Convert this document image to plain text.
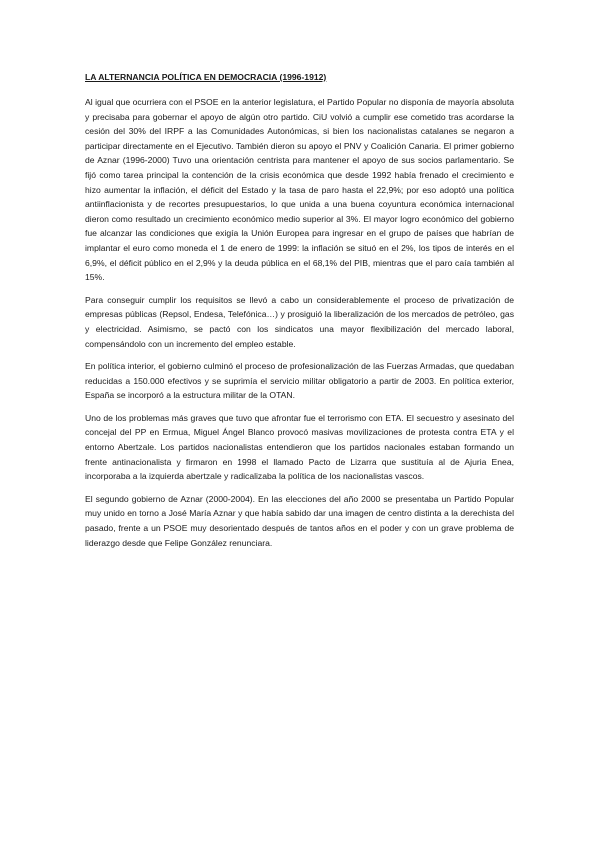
LA ALTERNANCIA POLÍTICA EN DEMOCRACIA (1996-1912)

Al igual que ocurriera con el PSOE en la anterior legislatura, el Partido Popular no disponía de mayoría absoluta y precisaba para gobernar el apoyo de algún otro partido. CiU volvió a cumplir ese cometido tras acordarse la cesión del 30% del IRPF a las Comunidades Autonómicas, si bien los nacionalistas catalanes se negaron a participar directamente en el Ejecutivo. También dieron su apoyo el PNV y Coalición Canaria. El primer gobierno de Aznar (1996-2000) Tuvo una orientación centrista para mantener el apoyo de sus socios parlamentario. Se fijó como tarea principal la contención de la crisis económica que desde 1992 había frenado el crecimiento e hizo aumentar la inflación, el déficit del Estado y la tasa de paro hasta el 22,9%; por eso adoptó una política antiinflacionista y de recortes presupuestarios, lo que unida a una buena coyuntura económica internacional dieron como resultado un crecimiento económico medio superior al 3%. El mayor logro económico del gobierno fue alcanzar las condiciones que exigía la Unión Europea para ingresar en el grupo de países que habrían de implantar el euro como moneda el 1 de enero de 1999: la inflación se situó en el 2%, los tipos de interés en el 6,9%, el déficit público en el 2,9% y la deuda pública en el 68,1% del PIB, mientras que el paro caía también al 15%.

Para conseguir cumplir los requisitos se llevó a cabo un considerablemente el proceso de privatización de empresas públicas (Repsol, Endesa, Telefónica…) y prosiguió la liberalización de los mercados de petróleo, gas y electricidad. Asimismo, se pactó con los sindicatos una mayor flexibilización del mercado laboral, compensándolo con un incremento del empleo estable.

En política interior, el gobierno culminó el proceso de profesionalización de las Fuerzas Armadas, que quedaban reducidas a 150.000 efectivos y se suprimía el servicio militar obligatorio a partir de 2003. En política exterior, España se incorporó a la estructura militar de la OTAN.

Uno de los problemas más graves que tuvo que afrontar fue el terrorismo con ETA. El secuestro y asesinato del concejal del PP en Ermua, Miguel Ángel Blanco provocó masivas movilizaciones de protesta contra ETA y el entorno Abertzale. Los partidos nacionalistas entendieron que los partidos nacionales estaban formando un frente antinacionalista y firmaron en 1998 el llamado Pacto de Lizarra que sustituía al de Ajuria Enea, incorporaba a la izquierda abertzale y radicalizaba la política de los nacionalistas vascos.

El segundo gobierno de Aznar (2000-2004). En las elecciones del año 2000 se presentaba un Partido Popular muy unido en torno a José María Aznar y que había sabido dar una imagen de centro distinta a la derechista del pasado, frente a un PSOE muy desorientado después de tantos años en el poder y con un grave problema de liderazgo desde que Felipe González renunciara.
